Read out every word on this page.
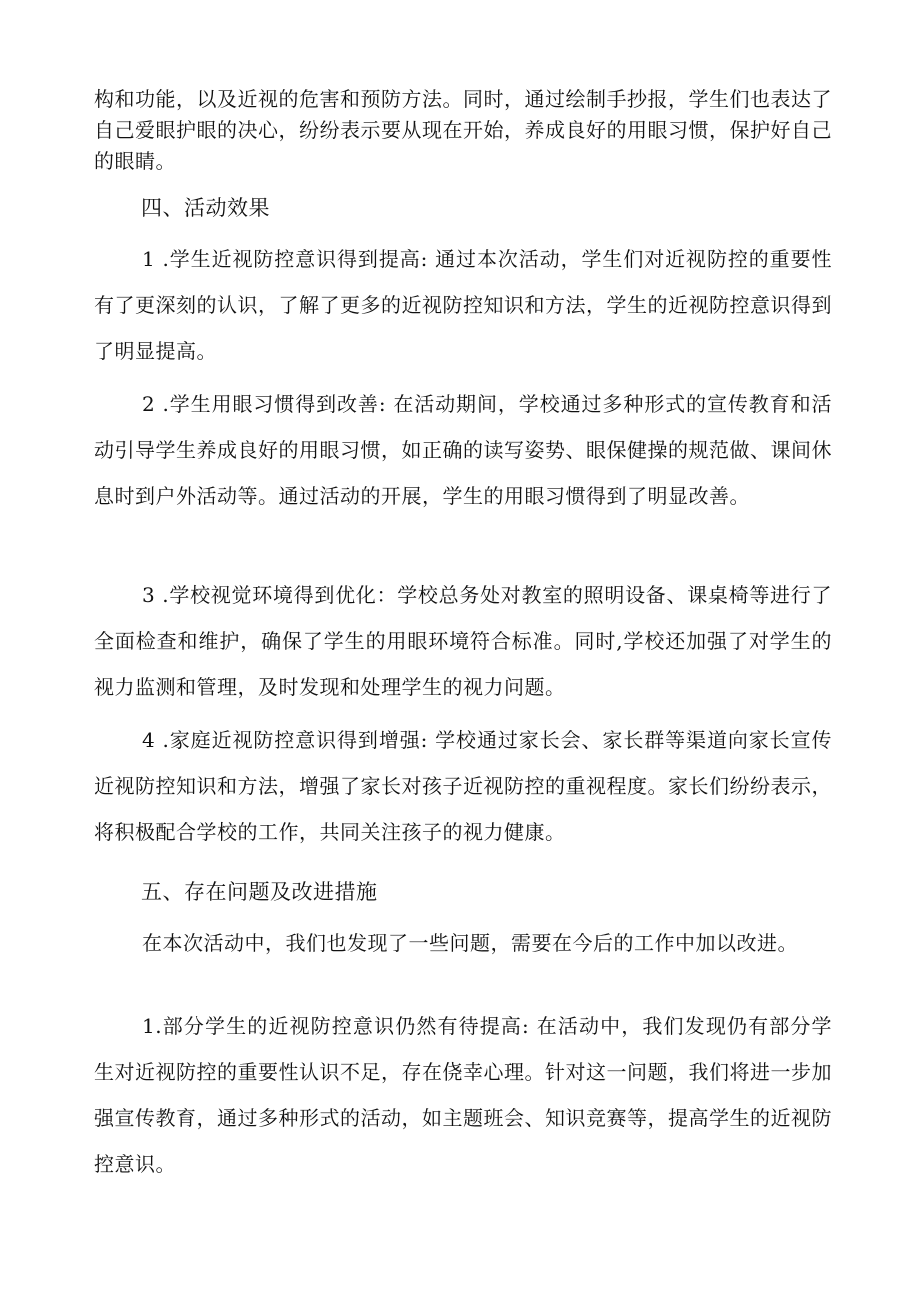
构和功能，以及近视的危害和预防方法。同时，通过绘制手抄报，学生们也表达了自己爱眼护眼的决心，纷纷表示要从现在开始，养成良好的用眼习惯，保护好自己的眼睛。

四、活动效果

1 .学生近视防控意识得到提高: 通过本次活动，学生们对近视防控的重要性有了更深刻的认识，了解了更多的近视防控知识和方法，学生的近视防控意识得到了明显提高。

2 .学生用眼习惯得到改善: 在活动期间，学校通过多种形式的宣传教育和活动引导学生养成良好的用眼习惯，如正确的读写姿势、眼保健操的规范做、课间休息时到户外活动等。通过活动的开展，学生的用眼习惯得到了明显改善。

3 .学校视觉环境得到优化：学校总务处对教室的照明设备、课桌椅等进行了全面检查和维护，确保了学生的用眼环境符合标准。同时,学校还加强了对学生的视力监测和管理，及时发现和处理学生的视力问题。

4 .家庭近视防控意识得到增强: 学校通过家长会、家长群等渠道向家长宣传近视防控知识和方法，增强了家长对孩子近视防控的重视程度。家长们纷纷表示，将积极配合学校的工作，共同关注孩子的视力健康。

五、存在问题及改进措施

在本次活动中，我们也发现了一些问题，需要在今后的工作中加以改进。

1.部分学生的近视防控意识仍然有待提高: 在活动中，我们发现仍有部分学生对近视防控的重要性认识不足，存在侥幸心理。针对这一问题，我们将进一步加强宣传教育，通过多种形式的活动，如主题班会、知识竞赛等，提高学生的近视防控意识。
